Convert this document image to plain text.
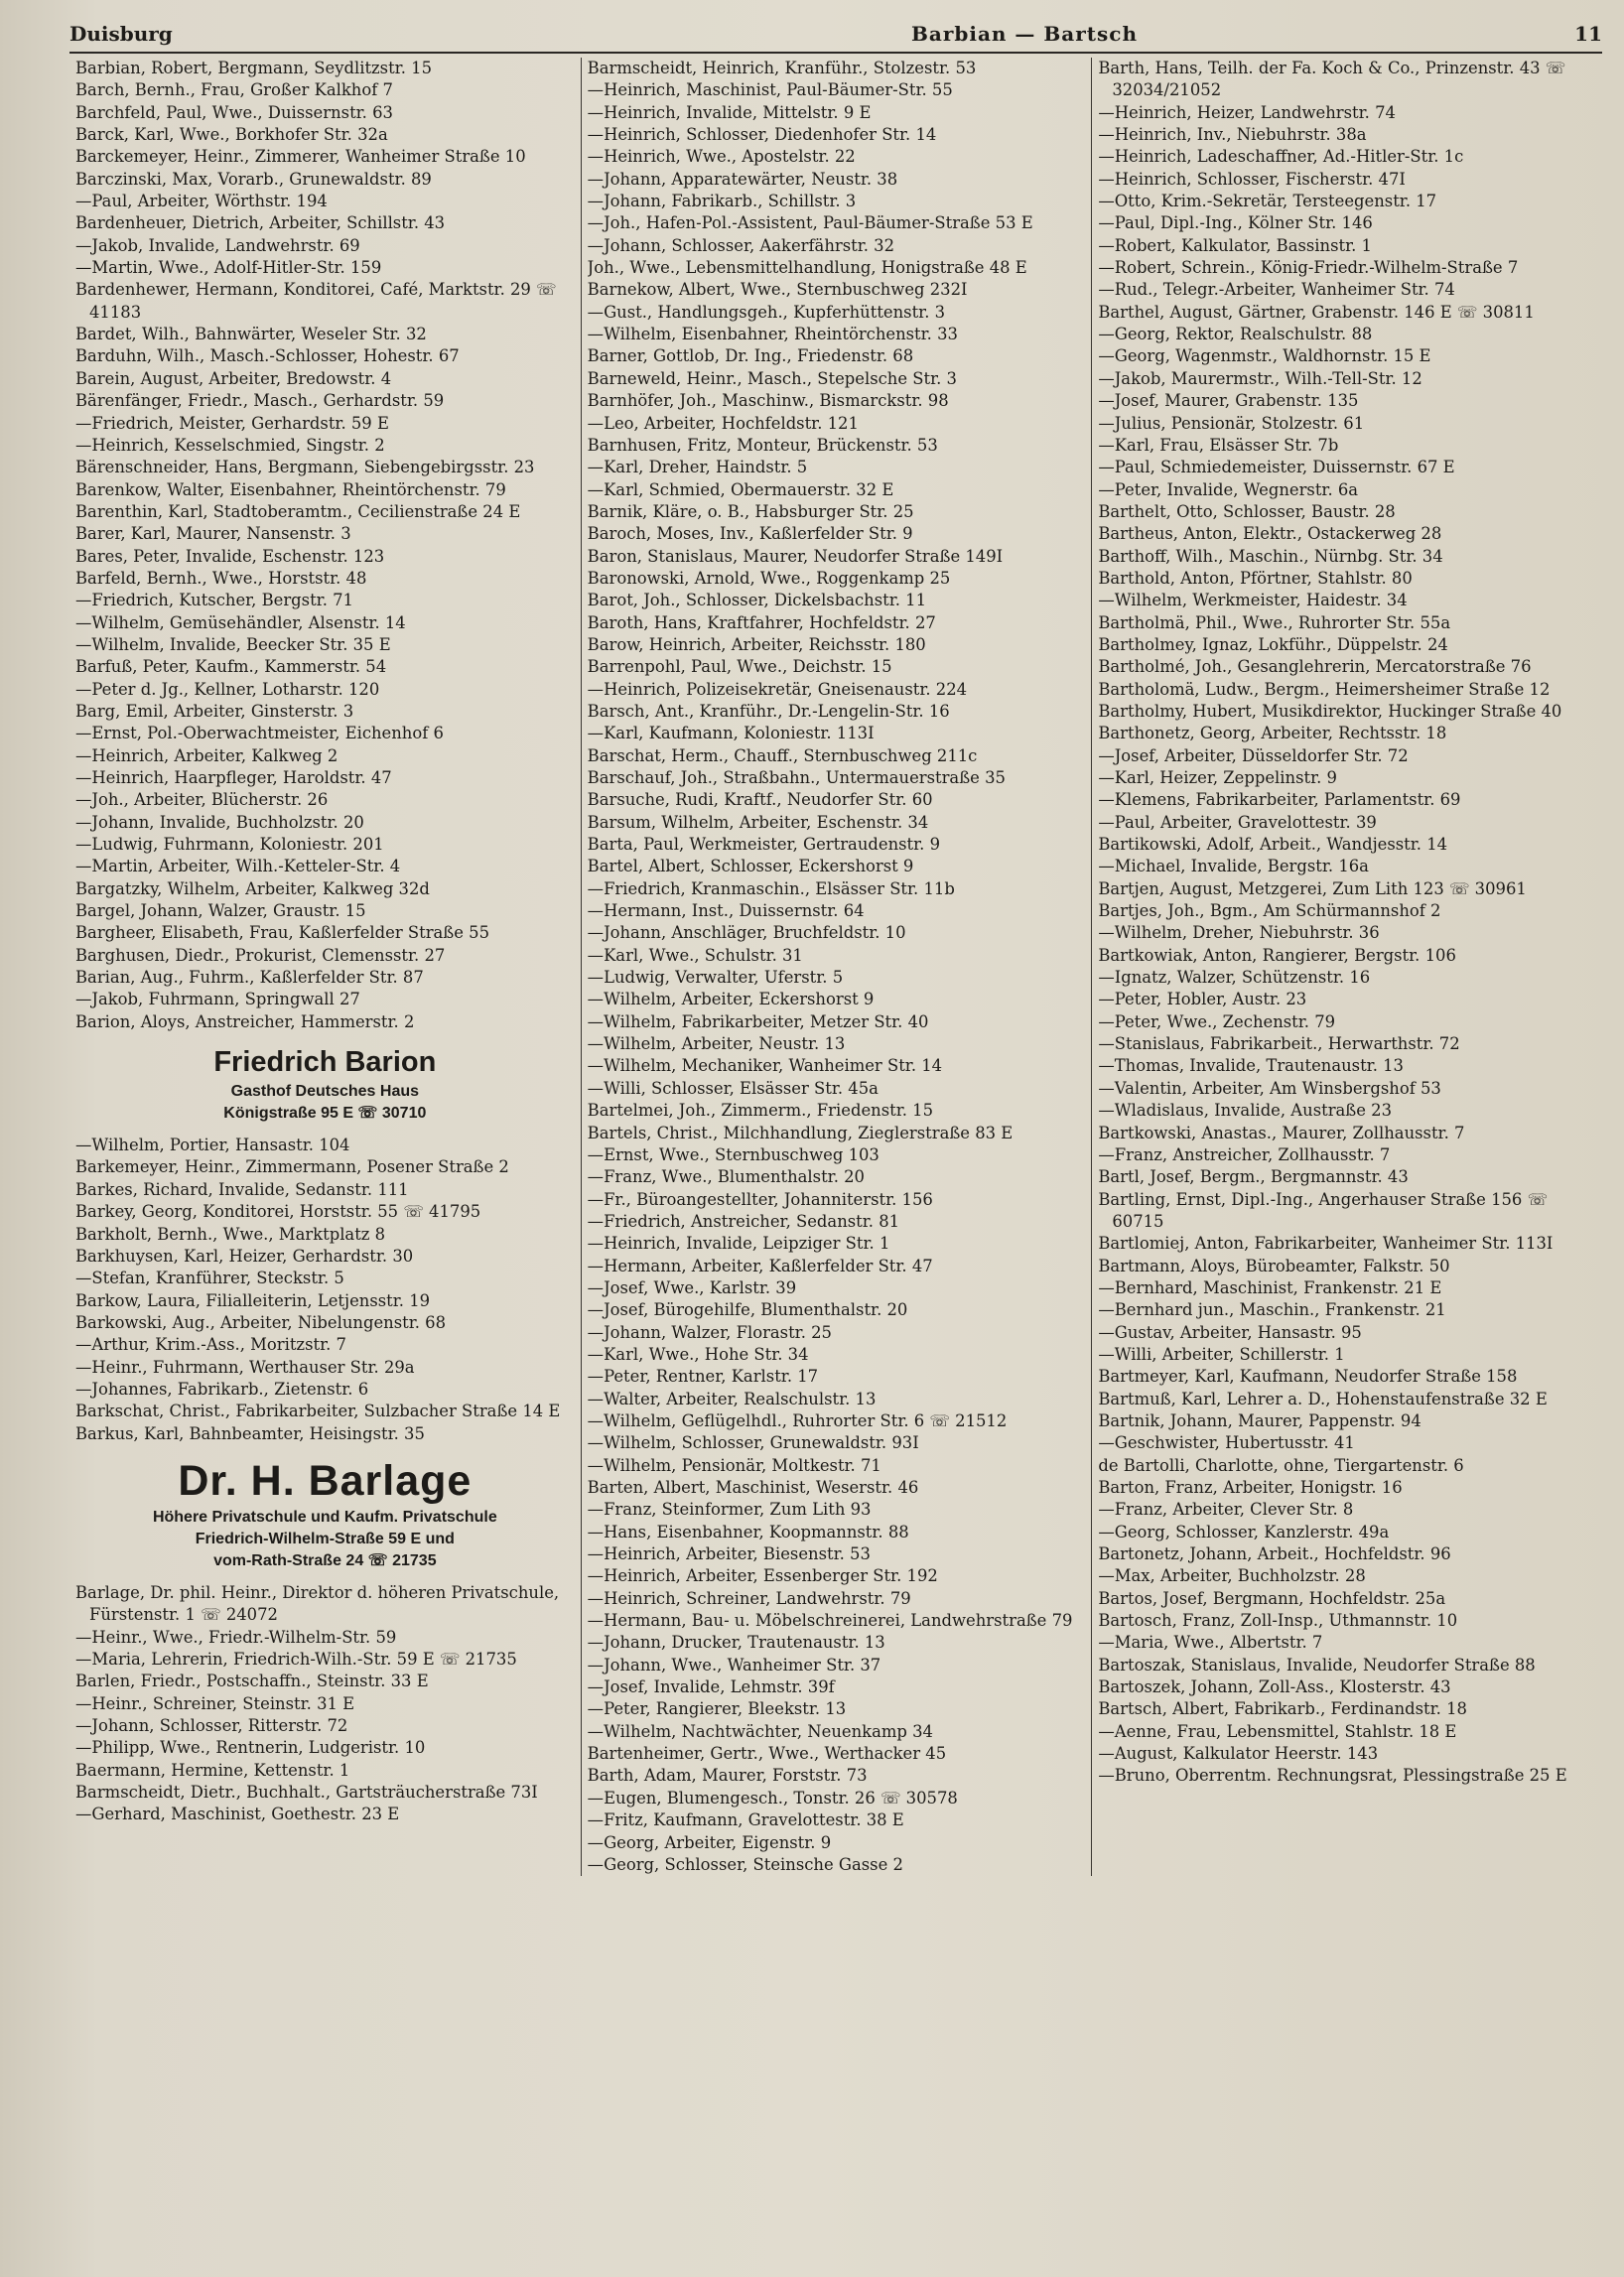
Duisburg	Barbian — Bartsch	11
Barbian, Robert, Bergmann, Seydlitzstr. 15
Barch, Bernh., Frau, Großer Kalkhof 7
Barchfeld, Paul, Wwe., Duissernstr. 63
Barck, Karl, Wwe., Borkhofer Str. 32a
Barckemeyer, Heinr., Zimmerer, Wanheimer Straße 10
Barczinski, Max, Vorarb., Grunewaldstr. 89
—Paul, Arbeiter, Wörthstr. 194
Bardenheuer, Dietrich, Arbeiter, Schillstr. 43
—Jakob, Invalide, Landwehrstr. 69
—Martin, Wwe., Adolf-Hitler-Str. 159
Bardenhewer, Hermann, Konditorei, Café, Marktstr. 29 ☏ 41183
Bardet, Wilh., Bahnwärter, Weseler Str. 32
Barduhn, Wilh., Masch.-Schlosser, Hohestr. 67
Barein, August, Arbeiter, Bredowstr. 4
Bärenfänger, Friedr., Masch., Gerhardstr. 59
—Friedrich, Meister, Gerhardstr. 59 E
—Heinrich, Kesselschmied, Singstr. 2
Bärenschneider, Hans, Bergmann, Siebengebirgsstr. 23
Barenkow, Walter, Eisenbahner, Rheintörchenstr. 79
Barenthin, Karl, Stadtoberamtm., Cecilienstraße 24 E
Barer, Karl, Maurer, Nansenstr. 3
Bares, Peter, Invalide, Eschenstr. 123
Barfeld, Bernh., Wwe., Horststr. 48
—Friedrich, Kutscher, Bergstr. 71
—Wilhelm, Gemüsehändler, Alsenstr. 14
—Wilhelm, Invalide, Beecker Str. 35 E
Barfuß, Peter, Kaufm., Kammerstr. 54
—Peter d. Jg., Kellner, Lotharstr. 120
Barg, Emil, Arbeiter, Ginsterstr. 3
—Ernst, Pol.-Oberwachtmeister, Eichenhof 6
—Heinrich, Arbeiter, Kalkweg 2
—Heinrich, Haarpfleger, Haroldstr. 47
—Joh., Arbeiter, Blücherstr. 26
—Johann, Invalide, Buchholzstr. 20
—Ludwig, Fuhrmann, Koloniestr. 201
—Martin, Arbeiter, Wilh.-Ketteler-Str. 4
Bargatzky, Wilhelm, Arbeiter, Kalkweg 32d
Bargel, Johann, Walzer, Graustr. 15
Bargheer, Elisabeth, Frau, Kaßlerfelder Straße 55
Barghusen, Diedr., Prokurist, Clemensstr. 27
Barian, Aug., Fuhrm., Kaßlerfelder Str. 87
—Jakob, Fuhrmann, Springwall 27
Barion, Aloys, Anstreicher, Hammerstr. 2
Friedrich Barion
Gasthof Deutsches Haus
Königstraße 95 E ☏ 30710
—Wilhelm, Portier, Hansastr. 104
Barkemeyer, Heinr., Zimmermann, Posener Straße 2
Barkes, Richard, Invalide, Sedanstr. 111
Barkey, Georg, Konditorei, Horststr. 55 ☏ 41795
Barkholt, Bernh., Wwe., Marktplatz 8
Barkhuysen, Karl, Heizer, Gerhardstr. 30
—Stefan, Kranführer, Steckstr. 5
Barkow, Laura, Filialleiterin, Letjensstr. 19
Barkowski, Aug., Arbeiter, Nibelungenstr. 68
—Arthur, Krim.-Ass., Moritzstr. 7
—Heinr., Fuhrmann, Werthauser Str. 29a
—Johannes, Fabrikarb., Zietenstr. 6
Barkschat, Christ., Fabrikarbeiter, Sulzbacher Straße 14 E
Barkus, Karl, Bahnbeamter, Heisingstr. 35
Dr. H. Barlage
Höhere Privatschule und Kaufm. Privatschule
Friedrich-Wilhelm-Straße 59 E und
vom-Rath-Straße 24 ☏ 21735
Barlage, Dr. phil. Heinr., Direktor d. höheren Privatschule, Fürstenstr. 1 ☏ 24072
—Heinr., Wwe., Friedr.-Wilhelm-Str. 59
—Maria, Lehrerin, Friedrich-Wilh.-Str. 59 E ☏ 21735
Barlen, Friedr., Postschaffn., Steinstr. 33 E
—Heinr., Schreiner, Steinstr. 31 E
—Johann, Schlosser, Ritterstr. 72
—Philipp, Wwe., Rentnerin, Ludgeristr. 10
Baermann, Hermine, Kettenstr. 1
Barmscheidt, Dietr., Buchhalt., Gartsträucherstraße 73I
—Gerhard, Maschinist, Goethestr. 23 E
Barmscheidt, Heinrich, Kranführ., Stolzestr. 53
—Heinrich, Maschinist, Paul-Bäumer-Str. 55
—Heinrich, Invalide, Mittelstr. 9 E
—Heinrich, Schlosser, Diedenhofer Str. 14
—Heinrich, Wwe., Apostelstr. 22
—Johann, Apparatewärter, Neustr. 38
—Johann, Fabrikarb., Schillstr. 3
—Joh., Hafen-Pol.-Assistent, Paul-Bäumer-Straße 53 E
—Johann, Schlosser, Aakerfährstr. 32
Joh., Wwe., Lebensmittelhandlung, Honigstraße 48 E
Barnekow, Albert, Wwe., Sternbuschweg 232I
—Gust., Handlungsgeh., Kupferhüttenstr. 3
—Wilhelm, Eisenbahner, Rheintörchenstr. 33
Barner, Gottlob, Dr. Ing., Friedenstr. 68
Barneweld, Heinr., Masch., Stepelsche Str. 3
Barnhöfer, Joh., Maschinw., Bismarckstr. 98
—Leo, Arbeiter, Hochfeldstr. 121
Barnhusen, Fritz, Monteur, Brückenstr. 53
—Karl, Dreher, Haindstr. 5
—Karl, Schmied, Obermauerstr. 32 E
Barnik, Kläre, o. B., Habsburger Str. 25
Baroch, Moses, Inv., Kaßlerfelder Str. 9
Baron, Stanislaus, Maurer, Neudorfer Straße 149I
Baronowski, Arnold, Wwe., Roggenkamp 25
Barot, Joh., Schlosser, Dickelsbachstr. 11
Baroth, Hans, Kraftfahrer, Hochfeldstr. 27
Barow, Heinrich, Arbeiter, Reichsstr. 180
Barrenpohl, Paul, Wwe., Deichstr. 15
—Heinrich, Polizeisekretär, Gneisenaustr. 224
Barsch, Ant., Kranführ., Dr.-Lengelin-Str. 16
—Karl, Kaufmann, Koloniestr. 113I
Barschat, Herm., Chauff., Sternbuschweg 211c
Barschauf, Joh., Straßbahn., Untermauerstraße 35
Barsuche, Rudi, Kraftf., Neudorfer Str. 60
Barsum, Wilhelm, Arbeiter, Eschenstr. 34
Barta, Paul, Werkmeister, Gertraudenstr. 9
Bartel, Albert, Schlosser, Eckershorst 9
—Friedrich, Kranmaschin., Elsässer Str. 11b
—Hermann, Inst., Duissernstr. 64
—Johann, Anschläger, Bruchfeldstr. 10
—Karl, Wwe., Schulstr. 31
—Ludwig, Verwalter, Uferstr. 5
—Wilhelm, Arbeiter, Eckershorst 9
—Wilhelm, Fabrikarbeiter, Metzer Str. 40
—Wilhelm, Arbeiter, Neustr. 13
—Wilhelm, Mechaniker, Wanheimer Str. 14
—Willi, Schlosser, Elsässer Str. 45a
Bartelmei, Joh., Zimmerm., Friedenstr. 15
Bartels, Christ., Milchhandlung, Zieglerstraße 83 E
—Ernst, Wwe., Sternbuschweg 103
—Franz, Wwe., Blumenthalstr. 20
—Fr., Büroangestellter, Johanniterstr. 156
—Friedrich, Anstreicher, Sedanstr. 81
—Heinrich, Invalide, Leipziger Str. 1
—Hermann, Arbeiter, Kaßlerfelder Str. 47
—Josef, Wwe., Karlstr. 39
—Josef, Bürogehilfe, Blumenthalstr. 20
—Johann, Walzer, Florastr. 25
—Karl, Wwe., Hohe Str. 34
—Peter, Rentner, Karlstr. 17
—Walter, Arbeiter, Realschulstr. 13
—Wilhelm, Geflügelhdl., Ruhrorter Str. 6 ☏ 21512
—Wilhelm, Schlosser, Grunewaldstr. 93I
—Wilhelm, Pensionär, Moltkestr. 71
Barten, Albert, Maschinist, Weserstr. 46
—Franz, Steinformer, Zum Lith 93
—Hans, Eisenbahner, Koopmannstr. 88
—Heinrich, Arbeiter, Biesenstr. 53
—Heinrich, Arbeiter, Essenberger Str. 192
—Heinrich, Schreiner, Landwehrstr. 79
—Hermann, Bau- u. Möbelschreinerei, Landwehrstraße 79
—Johann, Drucker, Trautenaustr. 13
—Johann, Wwe., Wanheimer Str. 37
—Josef, Invalide, Lehmstr. 39f
—Peter, Rangierer, Bleekstr. 13
—Wilhelm, Nachtwächter, Neuenkamp 34
Bartenheimer, Gertr., Wwe., Werthacker 45
Barth, Adam, Maurer, Forststr. 73
—Eugen, Blumengesch., Tonstr. 26 ☏ 30578
—Fritz, Kaufmann, Gravelottestr. 38 E
—Georg, Arbeiter, Eigenstr. 9
—Georg, Schlosser, Steinsche Gasse 2
Barth, Hans, Teilh. der Fa. Koch & Co., Prinzenstr. 43 ☏ 32034/21052
—Heinrich, Heizer, Landwehrstr. 74
—Heinrich, Inv., Niebuhrstr. 38a
—Heinrich, Ladeschaffner, Ad.-Hitler-Str. 1c
—Heinrich, Schlosser, Fischerstr. 47I
—Otto, Krim.-Sekretär, Tersteegenstr. 17
—Paul, Dipl.-Ing., Kölner Str. 146
—Robert, Kalkulator, Bassinstr. 1
—Robert, Schrein., König-Friedr.-Wilhelm-Straße 7
—Rud., Telegr.-Arbeiter, Wanheimer Str. 74
Barthel, August, Gärtner, Grabenstr. 146 E ☏ 30811
—Georg, Rektor, Realschulstr. 88
—Georg, Wagenmstr., Waldhornstr. 15 E
—Jakob, Maurermstr., Wilh.-Tell-Str. 12
—Josef, Maurer, Grabenstr. 135
—Julius, Pensionär, Stolzestr. 61
—Karl, Frau, Elsässer Str. 7b
—Paul, Schmiedemeister, Duissernstr. 67 E
—Peter, Invalide, Wegnerstr. 6a
Barthelt, Otto, Schlosser, Baustr. 28
Bartheus, Anton, Elektr., Ostackerweg 28
Barthoff, Wilh., Maschin., Nürnbg. Str. 34
Barthold, Anton, Pförtner, Stahlstr. 80
—Wilhelm, Werkmeister, Haidestr. 34
Bartholmä, Phil., Wwe., Ruhrorter Str. 55a
Bartholmey, Ignaz, Lokführ., Düppelstr. 24
Bartholmé, Joh., Gesanglehrerin, Mercatorstraße 76
Bartholomä, Ludw., Bergm., Heimersheimer Straße 12
Bartholmy, Hubert, Musikdirektor, Huckinger Straße 40
Barthonetz, Georg, Arbeiter, Rechtsstr. 18
—Josef, Arbeiter, Düsseldorfer Str. 72
—Karl, Heizer, Zeppelinstr. 9
—Klemens, Fabrikarbeiter, Parlamentstr. 69
—Paul, Arbeiter, Gravelottestr. 39
Bartikowski, Adolf, Arbeit., Wandjesstr. 14
—Michael, Invalide, Bergstr. 16a
Bartjen, August, Metzgerei, Zum Lith 123 ☏ 30961
Bartjes, Joh., Bgm., Am Schürmannshof 2
—Wilhelm, Dreher, Niebuhrstr. 36
Bartkowiak, Anton, Rangierer, Bergstr. 106
—Ignatz, Walzer, Schützenstr. 16
—Peter, Hobler, Austr. 23
—Peter, Wwe., Zechenstr. 79
—Stanislaus, Fabrikarbeit., Herwarthstr. 72
—Thomas, Invalide, Trautenaustr. 13
—Valentin, Arbeiter, Am Winsbergshof 53
—Wladislaus, Invalide, Austraße 23
Bartkowski, Anastas., Maurer, Zollhausstr. 7
—Franz, Anstreicher, Zollhausstr. 7
Bartl, Josef, Bergm., Bergmannstr. 43
Bartling, Ernst, Dipl.-Ing., Angerhauser Straße 156 ☏ 60715
Bartlomiej, Anton, Fabrikarbeiter, Wanheimer Str. 113I
Bartmann, Aloys, Bürobeamter, Falkstr. 50
—Bernhard, Maschinist, Frankenstr. 21 E
—Bernhard jun., Maschin., Frankenstr. 21
—Gustav, Arbeiter, Hansastr. 95
—Willi, Arbeiter, Schillerstr. 1
Bartmeyer, Karl, Kaufmann, Neudorfer Straße 158
Bartmuß, Karl, Lehrer a. D., Hohenstaufenstraße 32 E
Bartnik, Johann, Maurer, Pappenstr. 94
—Geschwister, Hubertusstr. 41
de Bartolli, Charlotte, ohne, Tiergartenstr. 6
Barton, Franz, Arbeiter, Honigstr. 16
—Franz, Arbeiter, Clever Str. 8
—Georg, Schlosser, Kanzlerstr. 49a
Bartonetz, Johann, Arbeit., Hochfeldstr. 96
—Max, Arbeiter, Buchholzstr. 28
Bartos, Josef, Bergmann, Hochfeldstr. 25a
Bartosch, Franz, Zoll-Insp., Uthmannstr. 10
—Maria, Wwe., Albertstr. 7
Bartoszak, Stanislaus, Invalide, Neudorfer Straße 88
Bartoszek, Johann, Zoll-Ass., Klosterstr. 43
Bartsch, Albert, Fabrikarb., Ferdinandstr. 18
—Aenne, Frau, Lebensmittel, Stahlstr. 18 E
—August, Kalkulator Heerstr. 143
—Bruno, Oberrentm. Rechnungsrat, Plessingstraße 25 E
